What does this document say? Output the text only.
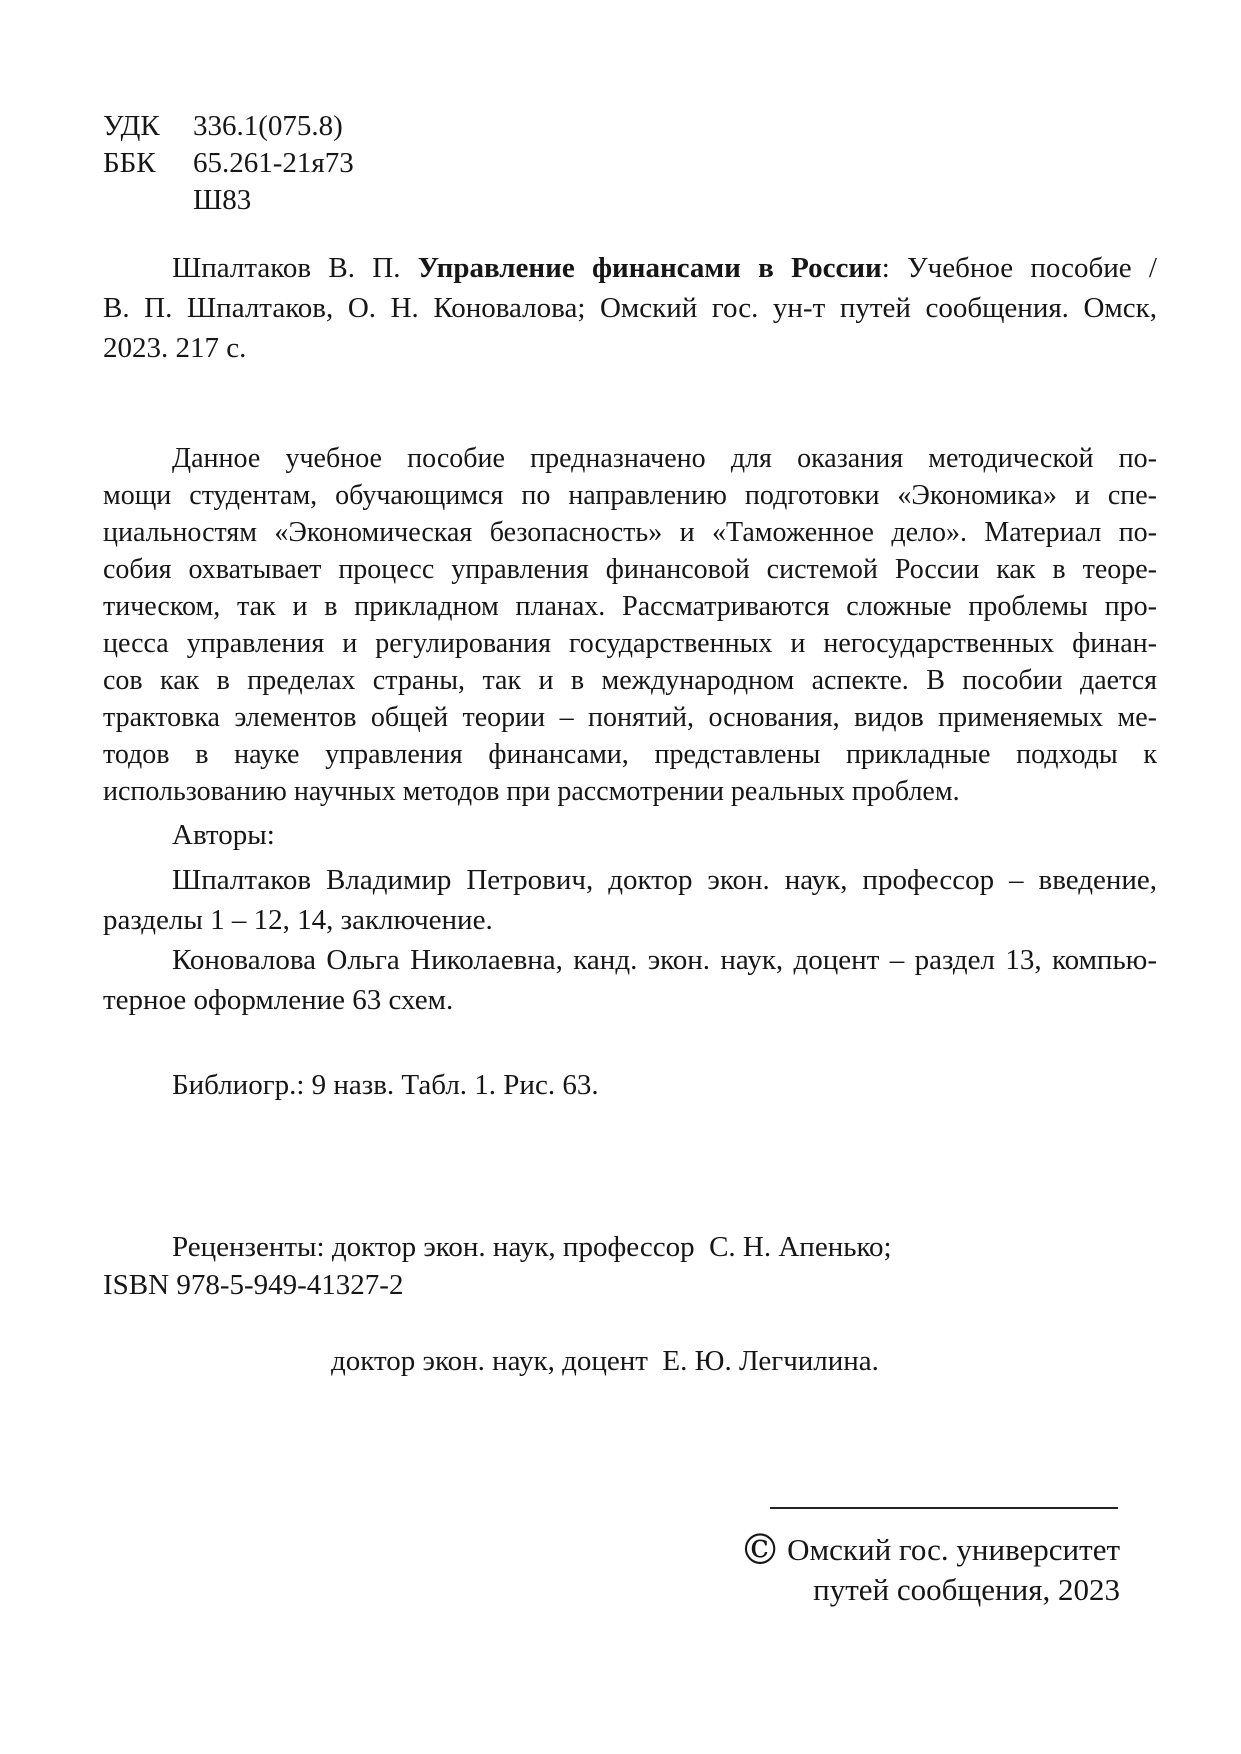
УДК	336.1(075.8)
ББК	65.261-21я73
Ш83
Шпалтаков В. П. Управление финансами в России: Учебное пособие /
В. П. Шпалтаков, О. Н. Коновалова; Омский гос. ун-т путей сообщения. Омск,
2023. 217 с.
Данное учебное пособие предназначено для оказания методической по-
мощи студентам, обучающимся по направлению подготовки «Экономика» и спе-
циальностям «Экономическая безопасность» и «Таможенное дело». Материал по-
собия охватывает процесс управления финансовой системой России как в теоре-
тическом, так и в прикладном планах. Рассматриваются сложные проблемы про-
цесса управления и регулирования государственных и негосударственных финан-
сов как в пределах страны, так и в международном аспекте. В пособии дается
трактовка элементов общей теории – понятий, основания, видов применяемых ме-
тодов в науке управления финансами, представлены прикладные подходы к
использованию научных методов при рассмотрении реальных проблем.
Авторы:
Шпалтаков Владимир Петрович, доктор экон. наук, профессор – введение,
разделы 1 – 12, 14, заключение.
Коновалова Ольга Николаевна, канд. экон. наук, доцент – раздел 13, компью-
терное оформление 63 схем.
Библиогр.: 9 назв. Табл. 1. Рис. 63.

Рецензенты: доктор экон. наук, профессор  С. Н. Апенько;

доктор экон. наук, доцент  Е. Ю. Легчилина.

ISBN 978-5-949-41327-2
© Омский гос. университет
путей сообщения, 2023
